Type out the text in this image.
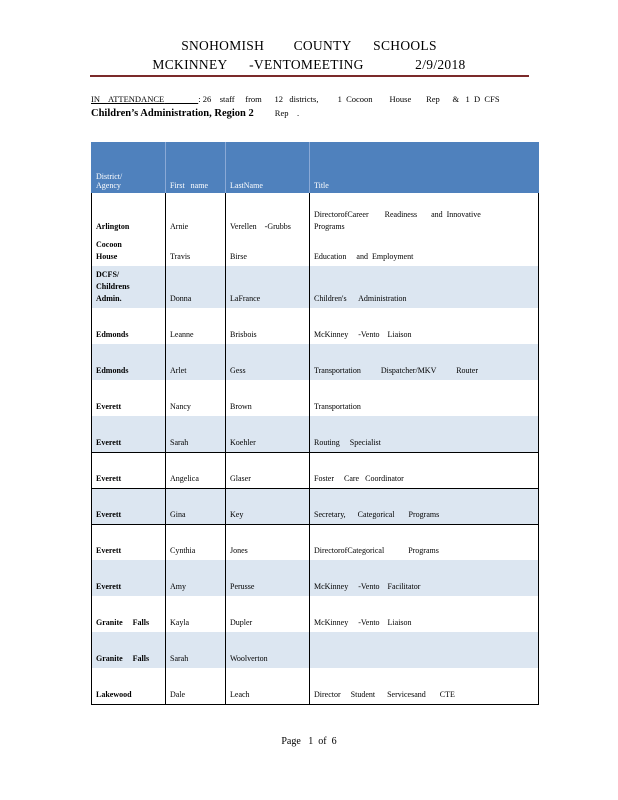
SNOHOMISH        COUNTY      SCHOOLS
MCKINNEY      -VENTOMEETING              2/9/2018
IN    ATTENDANCE	: 26    staff     from      12   districts,         1  Cocoon        House       Rep      &   1  D  CFS
Children’s Administration, Region 2 Rep    .
District/
Agency	First   name	LastName	Title
Arlington	Arnie	Verellen    -Grubbs	DirectorofCareer        Readiness       and  Innovative
Programs
Cocoon
House	Travis	Birse	Education     and  Employment
DCFS/
Childrens
Admin.	Donna	LaFrance	Children's      Administration
Edmonds	Leanne	Brisbois	McKinney     -Vento    Liaison
Edmonds	Arlet	Gess	Transportation          Dispatcher/MKV          Router
Everett	Nancy	Brown	Transportation
Everett	Sarah	Koehler	Routing     Specialist
Everett	Angelica	Glaser	Foster     Care   Coordinator
Everett	Gina	Key	Secretary,      Categorical       Programs
Everett	Cynthia	Jones	DirectorofCategorical            Programs
Everett	Amy	Perusse	McKinney     -Vento    Facilitator
Granite     Falls	Kayla	Dupler	McKinney     -Vento    Liaison
Granite     Falls	Sarah	Woolverton	
Lakewood	Dale	Leach	Director     Student      Servicesand       CTE
Page   1  of  6
